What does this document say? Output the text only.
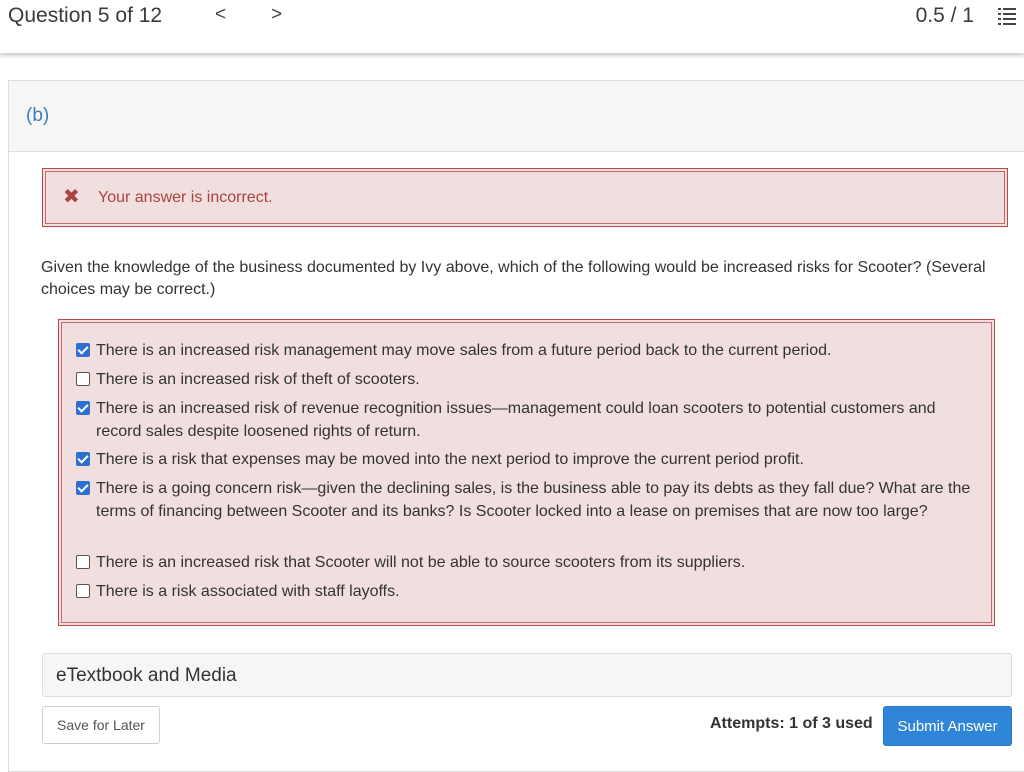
Question 5 of 12	< >	0.5 / 1
(b)
✖ Your answer is incorrect.
Given the knowledge of the business documented by Ivy above, which of the following would be increased risks for Scooter? (Several choices may be correct.)
There is an increased risk management may move sales from a future period back to the current period.
There is an increased risk of theft of scooters.
There is an increased risk of revenue recognition issues—management could loan scooters to potential customers and record sales despite loosened rights of return.
There is a risk that expenses may be moved into the next period to improve the current period profit.
There is a going concern risk—given the declining sales, is the business able to pay its debts as they fall due? What are the terms of financing between Scooter and its banks? Is Scooter locked into a lease on premises that are now too large?
There is an increased risk that Scooter will not be able to source scooters from its suppliers.
There is a risk associated with staff layoffs.
eTextbook and Media
Save for Later	Attempts: 1 of 3 used	Submit Answer
